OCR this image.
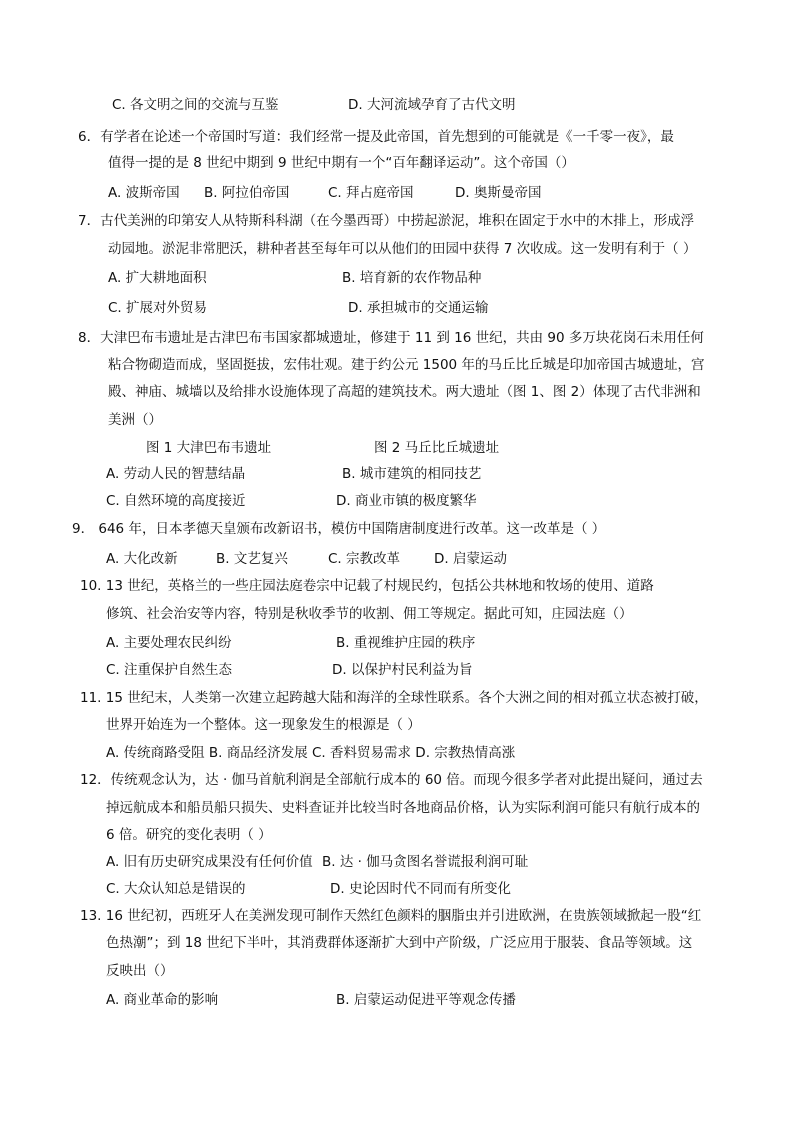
C. 各文明之间的交流与互鉴	D. 大河流域孕育了古代文明
6．有学者在论述一个帝国时写道：我们经常一提及此帝国，首先想到的可能就是《一千零一夜》，最
值得一提的是 8 世纪中期到 9 世纪中期有一个“百年翻译运动”。这个帝国（）
A. 波斯帝国 B. 阿拉伯帝国	C. 拜占庭帝国	D. 奥斯曼帝国
7．古代美洲的印第安人从特斯科科湖（在今墨西哥）中捞起淤泥，堆积在固定于水中的木排上，形成浮
动园地。淤泥非常肥沃，耕种者甚至每年可以从他们的田园中获得 7 次收成。这一发明有利于（ ）
A. 扩大耕地面积	B. 培育新的农作物品种
C. 扩展对外贸易	D. 承担城市的交通运输
8．大津巴布韦遗址是古津巴布韦国家都城遗址，修建于 11 到 16 世纪，共由 90 多万块花岗石未用任何
粘合物砌造而成，坚固挺拔，宏伟壮观。建于约公元 1500 年的马丘比丘城是印加帝国古城遗址，宫
殿、神庙、城墙以及给排水设施体现了高超的建筑技术。两大遗址（图 1、图 2）体现了古代非洲和
美洲（）
图 1 大津巴布韦遗址	图 2 马丘比丘城遗址
A. 劳动人民的智慧结晶	B. 城市建筑的相同技艺
C. 自然环境的高度接近	D. 商业市镇的极度繁华
9． 646 年，日本孝德天皇颁布改新诏书，模仿中国隋唐制度进行改革。这一改革是（ ）
A. 大化改新	B. 文艺复兴	C. 宗教改革	D. 启蒙运动
10. 13 世纪，英格兰的一些庄园法庭卷宗中记载了村规民约，包括公共林地和牧场的使用、道路
修筑、社会治安等内容，特别是秋收季节的收割、佣工等规定。据此可知，庄园法庭（）
A. 主要处理农民纠纷	B. 重视维护庄园的秩序
C. 注重保护自然生态	D. 以保护村民利益为旨
11. 15 世纪末，人类第一次建立起跨越大陆和海洋的全球性联系。各个大洲之间的相对孤立状态被打破，
世界开始连为一个整体。这一现象发生的根源是（ ）
A. 传统商路受阻 B. 商品经济发展 C. 香料贸易需求 D. 宗教热情高涨
12．传统观念认为，达 · 伽马首航利润是全部航行成本的 60 倍。而现今很多学者对此提出疑问，通过去
掉远航成本和船员船只损失、史料查证并比较当时各地商品价格，认为实际利润可能只有航行成本的
6 倍。研究的变化表明（ ）
A. 旧有历史研究成果没有任何价值 B. 达 · 伽马贪图名誉谎报利润可耻
C. 大众认知总是错误的	D. 史论因时代不同而有所变化
13. 16 世纪初，西班牙人在美洲发现可制作天然红色颜料的胭脂虫并引进欧洲，在贵族领域掀起一股“红
色热潮”；到 18 世纪下半叶，其消费群体逐渐扩大到中产阶级，广泛应用于服装、食品等领域。这
反映出（）
A. 商业革命的影响	B. 启蒙运动促进平等观念传播
